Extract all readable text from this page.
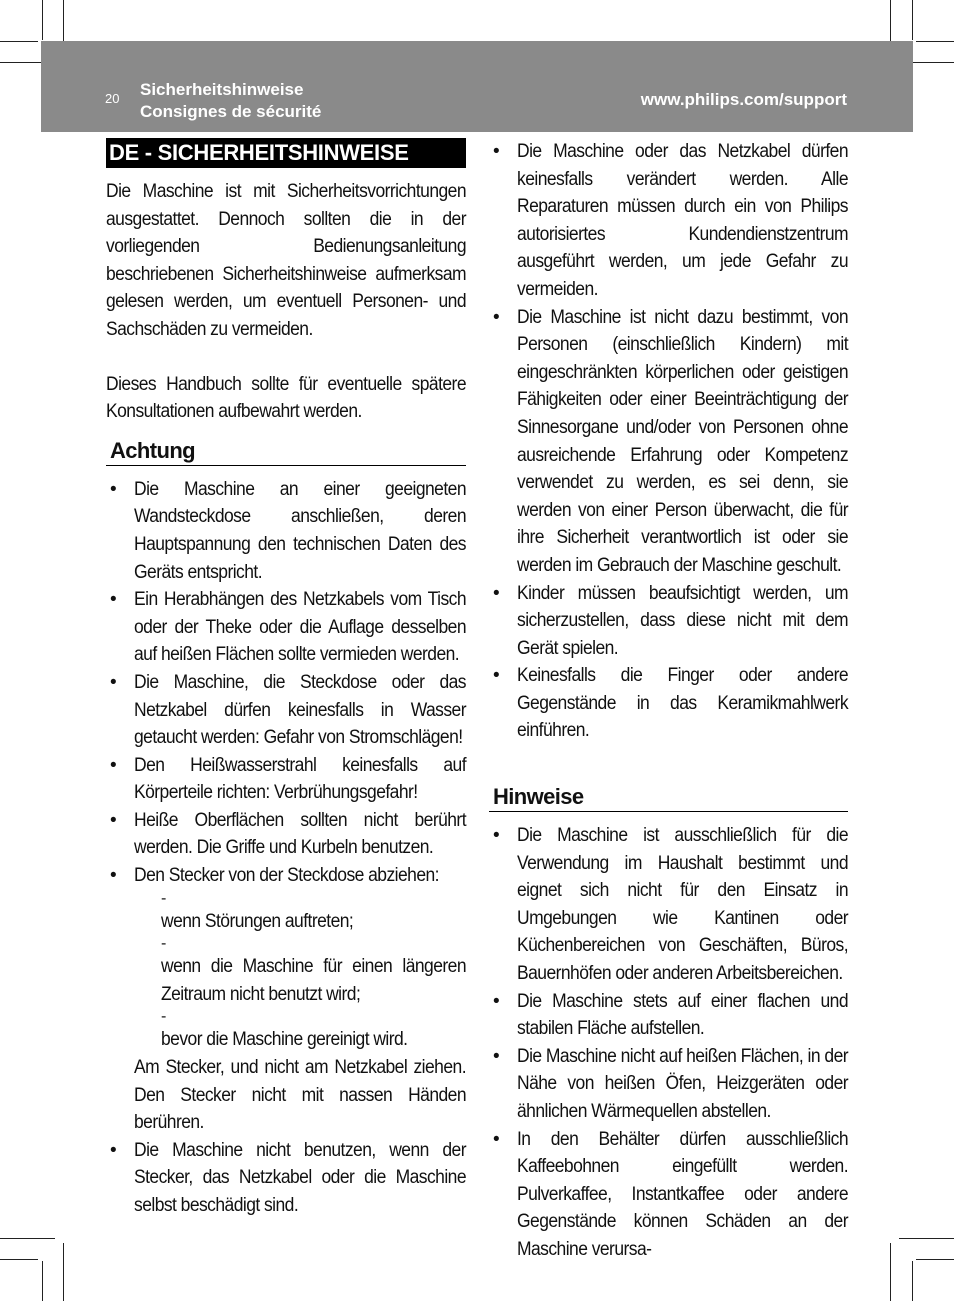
20 Sicherheitshinweise
Consignes de sécurité
www.philips.com/support
DE - SICHERHEITSHINWEISE

Die Maschine ist mit Sicherheitsvorrichtungen ausgestattet. Dennoch sollten die in der vorliegenden Bedienungsanleitung beschriebenen Sicherheitshinweise aufmerksam gelesen werden, um eventuell Personen- und Sachschäden zu vermeiden.

Dieses Handbuch sollte für eventuelle spätere Konsultationen aufbewahrt werden.

Achtung
• Die Maschine an einer geeigneten Wandsteckdose anschließen, deren Hauptspannung den technischen Daten des Geräts entspricht.

• Ein Herabhängen des Netzkabels vom Tisch oder der Theke oder die Auflage desselben auf heißen Flächen sollte vermieden werden.

• Die Maschine, die Steckdose oder das Netzkabel dürfen keinesfalls in Wasser getaucht werden: Gefahr von Stromschlägen!

• Den Heißwasserstrahl keinesfalls auf Körperteile richten: Verbrühungsgefahr!

• Heiße Oberflächen sollten nicht berührt werden. Die Griffe und Kurbeln benutzen.

• Den Stecker von der Steckdose abziehen:

-

wenn Störungen auftreten;

-

wenn die Maschine für einen längeren Zeitraum nicht benutzt wird;

-

bevor die Maschine gereinigt wird.

Am Stecker, und nicht am Netzkabel ziehen. Den Stecker nicht mit nassen Händen berühren.

• Die Maschine nicht benutzen, wenn der Stecker, das Netzkabel oder die Maschine selbst beschädigt sind.

• Die Maschine oder das Netzkabel dürfen keinesfalls verändert werden. Alle Reparaturen müssen durch ein von Philips autorisiertes Kundendienstzentrum ausgeführt werden, um jede Gefahr zu vermeiden.

• Die Maschine ist nicht dazu bestimmt, von Personen (einschließlich Kindern) mit eingeschränkten körperlichen oder geistigen Fähigkeiten oder einer Beeinträchtigung der Sinnesorgane und/oder von Personen ohne ausreichende Erfahrung oder Kompetenz verwendet zu werden, es sei denn, sie werden von einer Person überwacht, die für ihre Sicherheit verantwortlich ist oder sie werden im Gebrauch der Maschine geschult.

• Kinder müssen beaufsichtigt werden, um sicherzustellen, dass diese nicht mit dem Gerät spielen.

• Keinesfalls die Finger oder andere Gegenstände in das Keramikmahlwerk einführen.

Hinweise
• Die Maschine ist ausschließlich für die Verwendung im Haushalt bestimmt und eignet sich nicht für den Einsatz in Umgebungen wie Kantinen oder Küchenbereichen von Geschäften, Büros, Bauernhöfen oder anderen Arbeitsbereichen.

• Die Maschine stets auf einer flachen und stabilen Fläche aufstellen.

• Die Maschine nicht auf heißen Flächen, in der Nähe von heißen Öfen, Heizgeräten oder ähnlichen Wärmequellen abstellen.

• In den Behälter dürfen ausschließlich Kaffeebohnen eingefüllt werden. Pulverkaffee, Instantkaffee oder andere Gegenstände können Schäden an der Maschine verursa-
